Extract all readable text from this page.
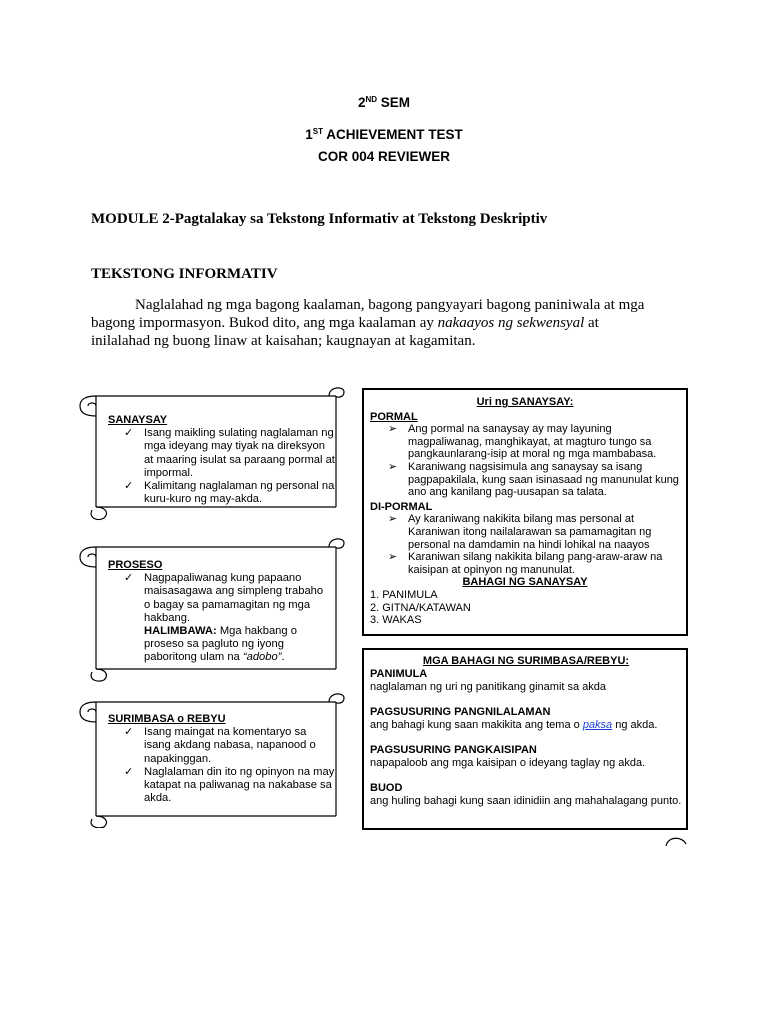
2ND SEM
1ST ACHIEVEMENT TEST
COR 004 REVIEWER
MODULE 2-Pagtalakay sa Tekstong Informativ at Tekstong Deskriptiv
TEKSTONG INFORMATIV
Naglalahad ng mga bagong kaalaman, bagong pangyayari bagong paniniwala at mga bagong impormasyon. Bukod dito, ang mga kaalaman ay nakaayos ng sekwensyal at inilalahad ng buong linaw at kaisahan; kaugnayan at kagamitan.
SANAYSAY
✓ Isang maikling sulating naglalaman ng mga ideyang may tiyak na direksyon at maaring isulat sa paraang pormal at impormal.
✓ Kalimitang naglalaman ng personal na kuru-kuro ng may-akda.
PROSESO
✓ Nagpapaliwanag kung papaano maisasagawa ang simpleng trabaho o bagay sa pamamagitan ng mga hakbang.
HALIMBAWA: Mga hakbang o proseso sa pagluto ng iyong paboritong ulam na “adobo”.
SURIMBASA o REBYU
✓ Isang maingat na komentaryo sa isang akdang nabasa, napanood o napakinggan.
✓ Naglalaman din ito ng opinyon na may katapat na paliwanag na nakabase sa akda.
Uri ng SANAYSAY:
PORMAL
➢ Ang pormal na sanaysay ay may layuning magpaliwanag, manghikayat, at magturo tungo sa pangkaunlarang-isip at moral ng mga mambabasa.
➢ Karaniwang nagsisimula ang sanaysay sa isang pagpapakilala, kung saan isinasaad ng manunulat kung ano ang kanilang pag-uusapan sa talata.
DI-PORMAL
➢ Ay karaniwang nakikita bilang mas personal at Karaniwan itong nailalarawan sa pamamagitan ng personal na damdamin na hindi lohikal na naayos
➢ Karaniwan silang nakikita bilang pang-araw-araw na kaisipan at opinyon ng manunulat.
BAHAGI NG SANAYSAY
1. PANIMULA
2. GITNA/KATAWAN
3. WAKAS
MGA BAHAGI NG SURIMBASA/REBYU:
PANIMULA
naglalaman ng uri ng panitikang ginamit sa akda
PAGSUSURING PANGNILALAMAN
ang bahagi kung saan makikita ang tema o paksa ng akda.
PAGSUSURING PANGKAISIPAN
napapaloob ang mga kaisipan o ideyang taglay ng akda.
BUOD
ang huling bahagi kung saan idinidiin ang mahahalagang punto.
